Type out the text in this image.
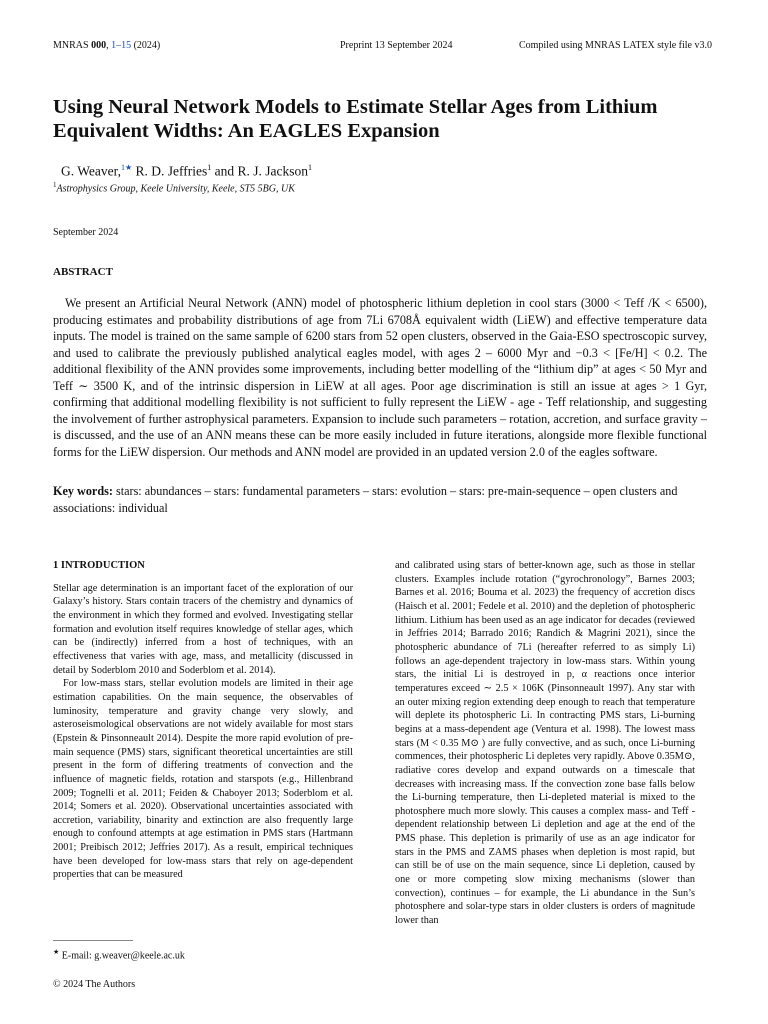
MNRAS 000, 1–15 (2024)	Preprint 13 September 2024	Compiled using MNRAS LATEX style file v3.0
Using Neural Network Models to Estimate Stellar Ages from Lithium Equivalent Widths: An EAGLES Expansion
G. Weaver,$^{1★}$ R. D. Jeffries$^1$ and R. J. Jackson$^1$
$^1$Astrophysics Group, Keele University, Keele, ST5 5BG, UK
September 2024
ABSTRACT

We present an Artificial Neural Network (ANN) model of photospheric lithium depletion in cool stars (3000 < Teff /K < 6500), producing estimates and probability distributions of age from 7Li 6708Å equivalent width (LiEW) and effective temperature data inputs. The model is trained on the same sample of 6200 stars from 52 open clusters, observed in the Gaia-ESO spectroscopic survey, and used to calibrate the previously published analytical eagles model, with ages 2 – 6000 Myr and −0.3 < [Fe/H] < 0.2. The additional flexibility of the ANN provides some improvements, including better modelling of the “lithium dip” at ages < 50 Myr and Teff ∼ 3500 K, and of the intrinsic dispersion in LiEW at all ages. Poor age discrimination is still an issue at ages > 1 Gyr, confirming that additional modelling flexibility is not sufficient to fully represent the LiEW - age - Teff relationship, and suggesting the involvement of further astrophysical parameters. Expansion to include such parameters – rotation, accretion, and surface gravity – is discussed, and the use of an ANN means these can be more easily included in future iterations, alongside more flexible functional forms for the LiEW dispersion. Our methods and ANN model are provided in an updated version 2.0 of the eagles software.

Key words: stars: abundances – stars: fundamental parameters – stars: evolution – stars: pre-main-sequence – open clusters and associations: individual

1 INTRODUCTION

Stellar age determination is an important facet of the exploration of our Galaxy’s history. Stars contain tracers of the chemistry and dynamics of the environment in which they formed and evolved. Investigating stellar formation and evolution itself requires knowledge of stellar ages, which can be (indirectly) inferred from a host of techniques, with an effectiveness that varies with age, mass, and metallicity (discussed in detail by Soderblom 2010 and Soderblom et al. 2014).

For low-mass stars, stellar evolution models are limited in their age estimation capabilities. On the main sequence, the observables of luminosity, temperature and gravity change very slowly, and asteroseismological observations are not widely available for most stars (Epstein & Pinsonneault 2014). Despite the more rapid evolution of pre-main sequence (PMS) stars, significant theoretical uncertainties are still present in the form of differing treatments of convection and the influence of magnetic fields, rotation and starspots (e.g., Hillenbrand 2009; Tognelli et al. 2011; Feiden & Chaboyer 2013; Soderblom et al. 2014; Somers et al. 2020). Observational uncertainties associated with accretion, variability, binarity and extinction are also frequently large enough to confound attempts at age estimation in PMS stars (Hartmann 2001; Preibisch 2012; Jeffries 2017). As a result, empirical techniques have been developed for low-mass stars that rely on age-dependent properties that can be measured

and calibrated using stars of better-known age, such as those in stellar clusters. Examples include rotation (“gyrochronology”, Barnes 2003; Barnes et al. 2016; Bouma et al. 2023) the frequency of accretion discs (Haisch et al. 2001; Fedele et al. 2010) and the depletion of photospheric lithium. Lithium has been used as an age indicator for decades (reviewed in Jeffries 2014; Barrado 2016; Randich & Magrini 2021), since the photospheric abundance of 7Li (hereafter referred to as simply Li) follows an age-dependent trajectory in low-mass stars. Within young stars, the initial Li is destroyed in p, α reactions once interior temperatures exceed ∼ 2.5 × 106K (Pinsonneault 1997). Any star with an outer mixing region extending deep enough to reach that temperature will deplete its photospheric Li. In contracting PMS stars, Li-burning begins at a mass-dependent age (Ventura et al. 1998). The lowest mass stars (M < 0.35 M⊙ ) are fully convective, and as such, once Li-burning commences, their photospheric Li depletes very rapidly. Above 0.35M⊙, radiative cores develop and expand outwards on a timescale that decreases with increasing mass. If the convection zone base falls below the Li-burning temperature, then Li-depleted material is mixed to the photosphere much more slowly. This causes a complex mass- and Teff -dependent relationship between Li depletion and age at the end of the PMS phase. This depletion is primarily of use as an age indicator for stars in the PMS and ZAMS phases when depletion is most rapid, but can still be of use on the main sequence, since Li depletion, caused by one or more competing slow mixing mechanisms (slower than convection), continues – for example, the Li abundance in the Sun’s photosphere and solar-type stars in older clusters is orders of magnitude lower than

★ E-mail: g.weaver@keele.ac.uk
© 2024 The Authors
